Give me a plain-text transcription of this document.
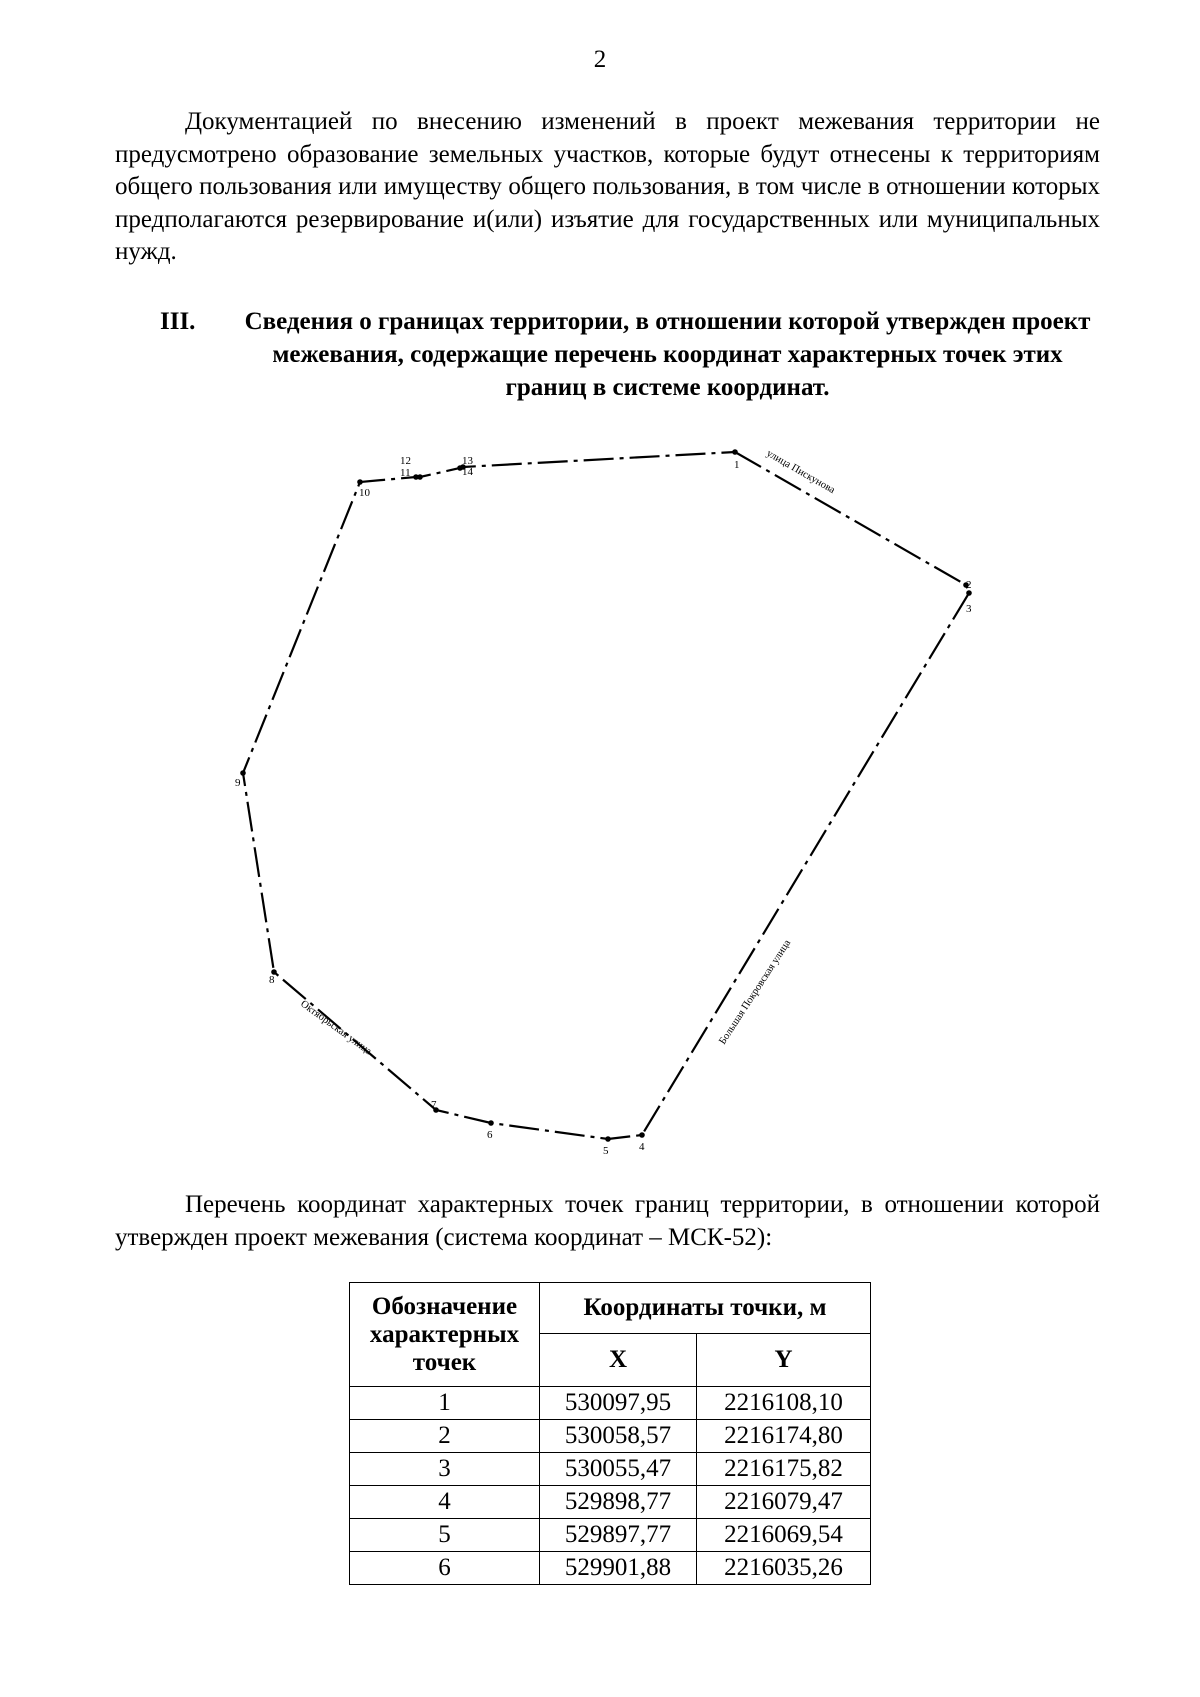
2

Документацией по внесению изменений в проект межевания территории не предусмотрено образование земельных участков, которые будут отнесены к территориям общего пользования или имуществу общего пользования, в том числе в отношении которых предполагаются резервирование и(или) изъятие для государственных или муниципальных нужд.

III.	Сведения о границах территории, в отношении которой утвержден проект межевания, содержащие перечень координат характерных точек этих границ в системе координат.
1
2
3
4
5
6
7
8
9
10
11
12	13
14	улица Пискунова
Большая Покровская улица
Октябрьская улица

Перечень координат характерных точек границ территории, в отношении которой утвержден проект межевания (система координат – МСК-52):

Обозначение характерных точек	Координаты точки, м	
	X	Y
1	530097,95	2216108,10
2	530058,57	2216174,80
3	530055,47	2216175,82
4	529898,77	2216079,47
5	529897,77	2216069,54
6	529901,88	2216035,26
